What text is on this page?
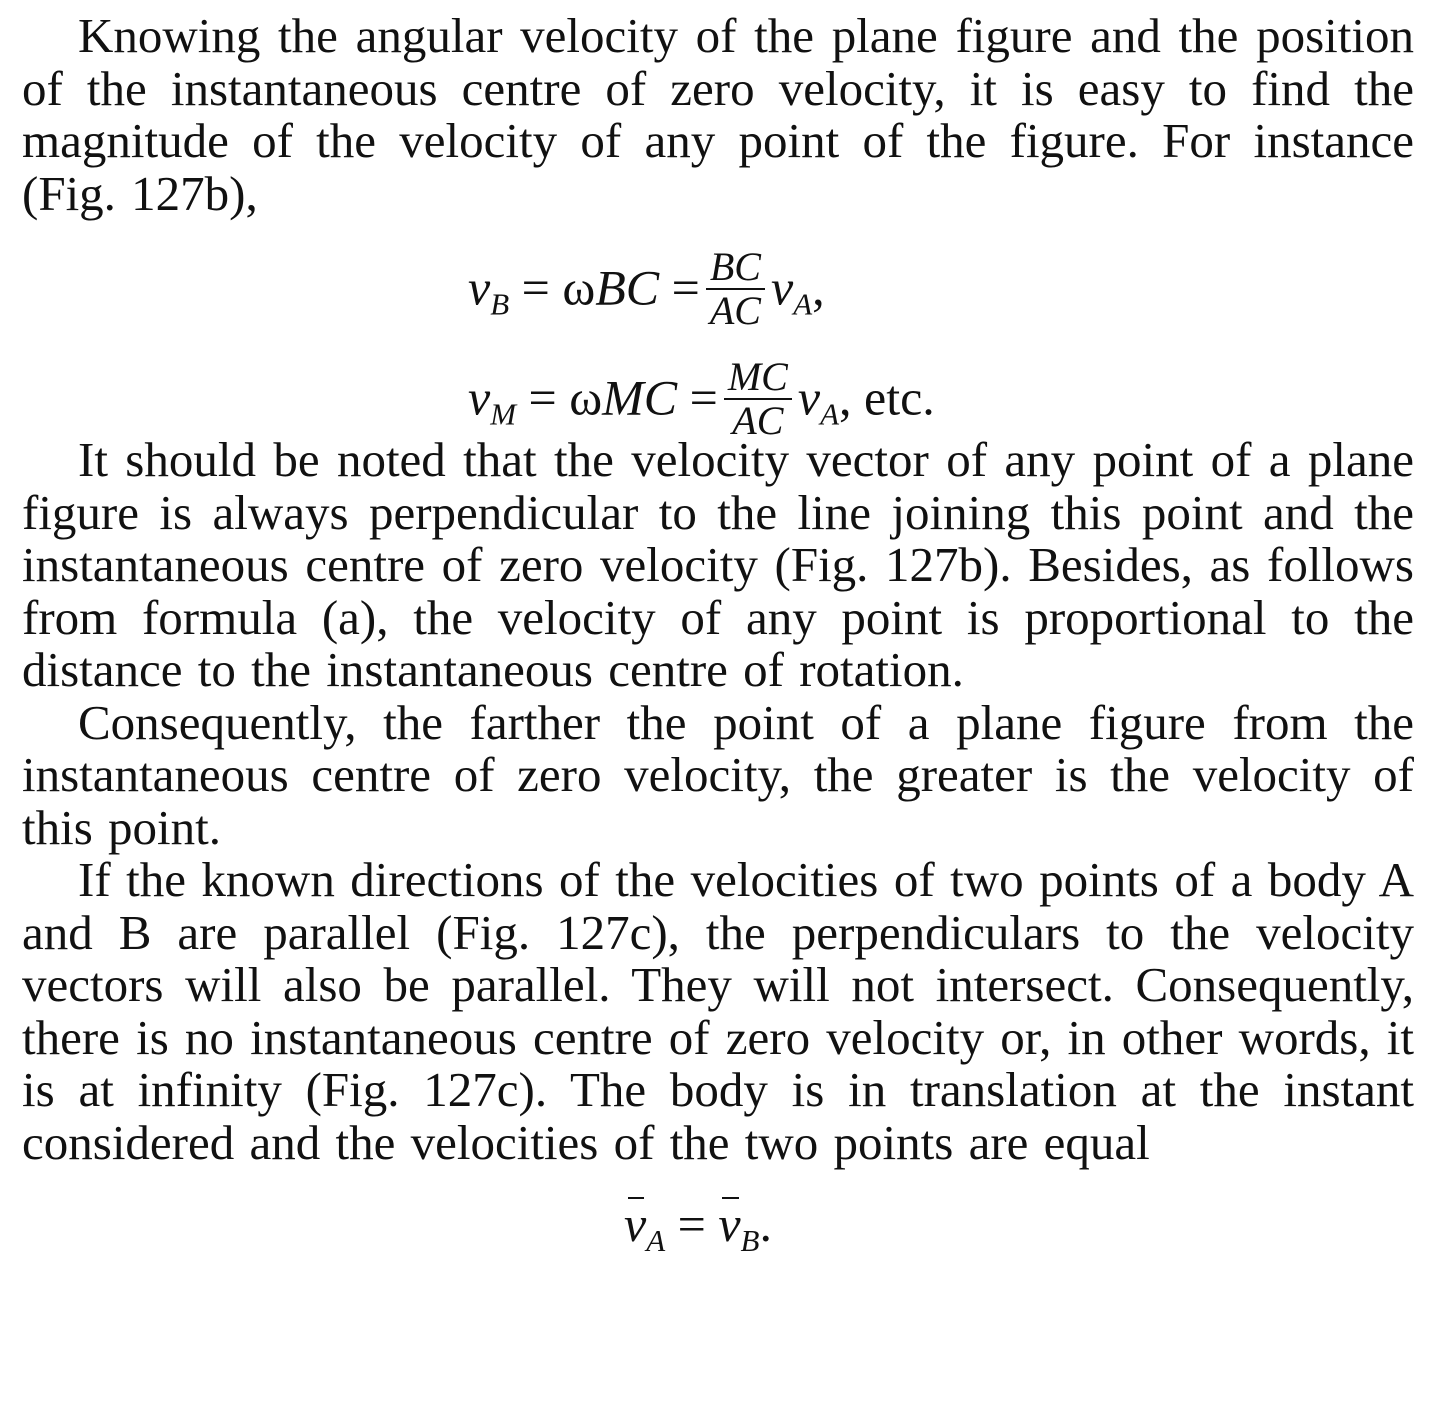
Knowing the angular velocity of the plane figure and the position of the instantaneous centre of zero velocity, it is easy to find the magnitude of the velocity of any point of the figure. For instance (Fig. 127b),

$v_B = \omega BC = \frac{BC}{AC} v_A$,
$v_M = \omega MC = \frac{MC}{AC} v_A$, etc.

It should be noted that the velocity vector of any point of a plane figure is always perpendicular to the line joining this point and the instantaneous centre of zero velocity (Fig. 127b). Besides, as follows from formula (a), the velocity of any point is proportional to the distance to the instantaneous centre of rotation.

Consequently, the farther the point of a plane figure from the instantaneous centre of zero velocity, the greater is the velocity of this point.

If the known directions of the velocities of two points of a body A and B are parallel (Fig. 127c), the perpendiculars to the velocity vectors will also be parallel. They will not intersect. Consequently, there is no instantaneous centre of zero velocity or, in other words, it is at infinity (Fig. 127c). The body is in translation at the instant considered and the velocities of the two points are equal

$v_A = v_B$.
